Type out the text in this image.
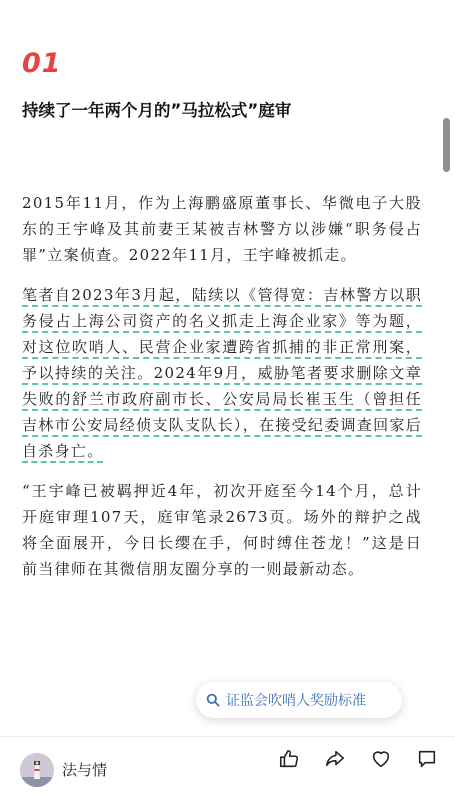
01
持续了一年两个月的”马拉松式”庭审

2015年11月，作为上海鹏盛原董事长、华微电子大股东的王宇峰及其前妻王某被吉林警方以涉嫌“职务侵占罪”立案侦查。2022年11月，王宇峰被抓走。

笔者自2023年3月起，陆续以《管得宽：吉林警方以职务侵占上海公司资产的名义抓走上海企业家》等为题，对这位吹哨人、民营企业家遭跨省抓捕的非正常刑案，予以持续的关注。2024年9月，威胁笔者要求删除文章失败的舒兰市政府副市长、公安局局长崔玉生（曾担任吉林市公安局经侦支队支队长），在接受纪委调查回家后自杀身亡。

“王宇峰已被羁押近4年，初次开庭至今14个月，总计开庭审理107天，庭审笔录2673页。场外的辩护之战将全面展开，今日长缨在手，何时缚住苍龙！”这是日前当律师在其微信朋友圈分享的一则最新动态。

证监会吹哨人奖励标准
法与情
